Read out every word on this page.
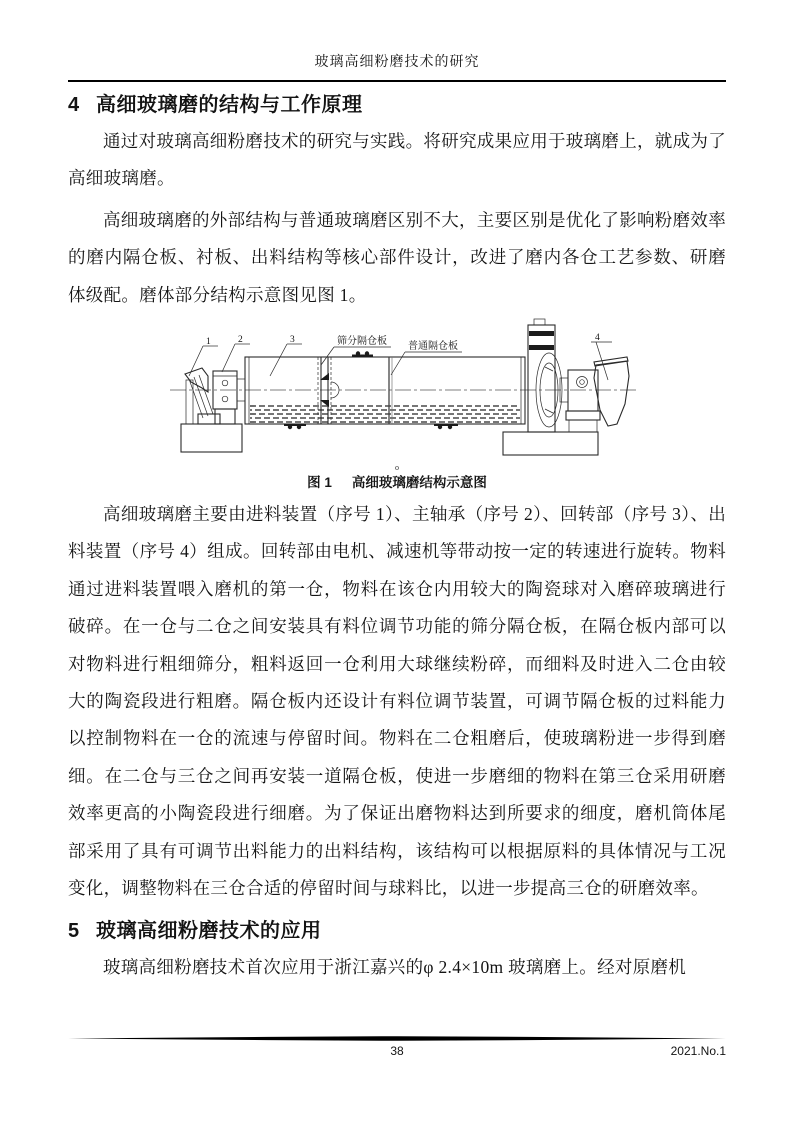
玻璃高细粉磨技术的研究
4 高细玻璃磨的结构与工作原理

通过对玻璃高细粉磨技术的研究与实践。将研究成果应用于玻璃磨上，就成为了高细玻璃磨。

高细玻璃磨的外部结构与普通玻璃磨区别不大，主要区别是优化了影响粉磨效率的磨内隔仓板、衬板、出料结构等核心部件设计，改进了磨内各仓工艺参数、研磨体级配。磨体部分结构示意图见图 1。

1	2	3	筛分隔仓板 普通隔仓板
4
o
图 1 高细玻璃磨结构示意图

高细玻璃磨主要由进料装置（序号 1）、主轴承（序号 2）、回转部（序号 3）、出料装置（序号 4）组成。回转部由电机、减速机等带动按一定的转速进行旋转。物料通过进料装置喂入磨机的第一仓，物料在该仓内用较大的陶瓷球对入磨碎玻璃进行破碎。在一仓与二仓之间安装具有料位调节功能的筛分隔仓板，在隔仓板内部可以对物料进行粗细筛分，粗料返回一仓利用大球继续粉碎，而细料及时进入二仓由较大的陶瓷段进行粗磨。隔仓板内还设计有料位调节装置，可调节隔仓板的过料能力以控制物料在一仓的流速与停留时间。物料在二仓粗磨后，使玻璃粉进一步得到磨细。在二仓与三仓之间再安装一道隔仓板，使进一步磨细的物料在第三仓采用研磨效率更高的小陶瓷段进行细磨。为了保证出磨物料达到所要求的细度，磨机筒体尾部采用了具有可调节出料能力的出料结构，该结构可以根据原料的具体情况与工况变化，调整物料在三仓合适的停留时间与球料比，以进一步提高三仓的研磨效率。

5 玻璃高细粉磨技术的应用

玻璃高细粉磨技术首次应用于浙江嘉兴的φ 2.4×10m 玻璃磨上。经对原磨机

38	2021.No.1
